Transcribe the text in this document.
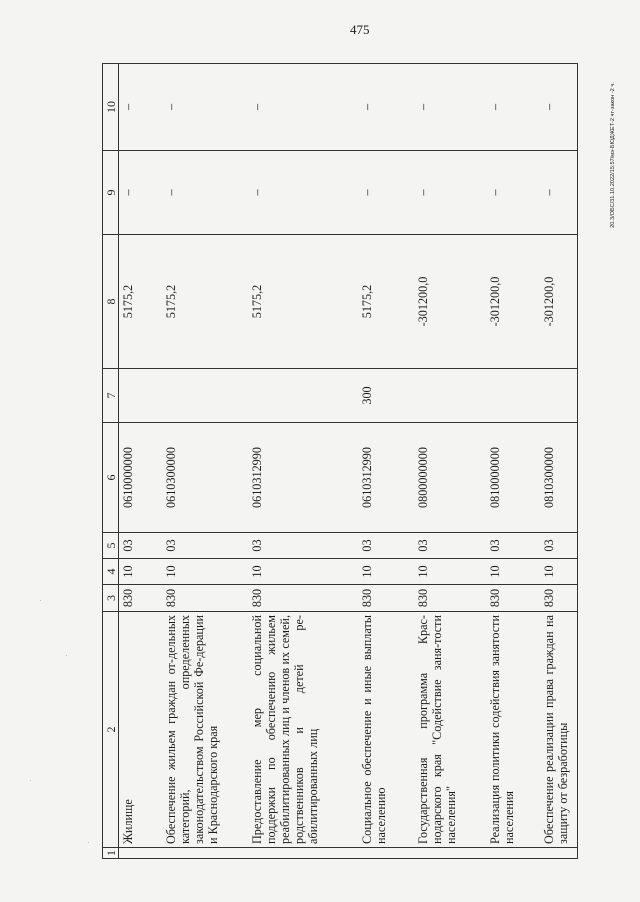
475
20.3/ОБС/31.10.2022/15:57/мэ-БЮДЖЕТ-2 чт-закон -2 ч.
1	2	3	4	5	6	7	8	9	10
	Жилище	830	10	03	0610000000		5175,2	–	–
	Обеспечение жильем граждан от-дельных категорий, определенных законодательством Российской Фе-дерации и Краснодарского края	830	10	03	0610300000		5175,2	–	–
	Предоставление мер социальной поддержки по обеспечению жильем реабилитированных лиц и членов их семей, родственников и детей ре-абилитированных лиц	830	10	03	0610312990		5175,2	–	–
	Социальное обеспечение и иные выплаты населению	830	10	03	0610312990	300	5175,2	–	–
	Государственная программа Крас-нодарского края "Содействие заня-тости населения"	830	10	03	0800000000		-301200,0	–	–
	Реализация политики содействия занятости населения	830	10	03	0810000000		-301200,0	–	–
	Обеспечение реализации права граждан на защиту от безработицы	830	10	03	0810300000		-301200,0	–	–
